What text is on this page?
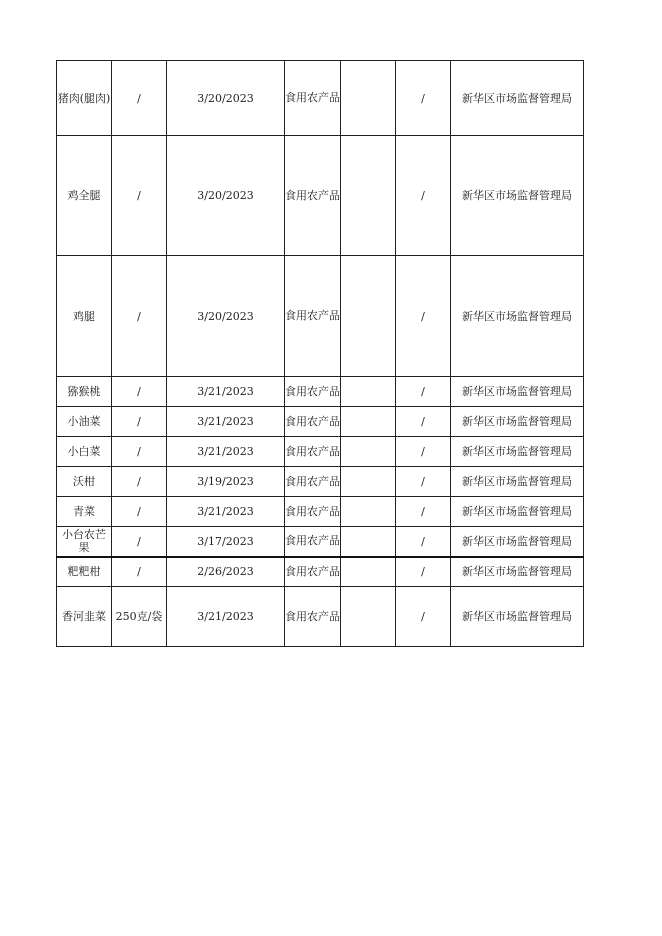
猪肉(腿肉)	/	3/20/2023	食用农产品		/	新华区市场监督管理局
鸡全腿	/	3/20/2023	食用农产品		/	新华区市场监督管理局
鸡腿	/	3/20/2023	食用农产品		/	新华区市场监督管理局
猕猴桃	/	3/21/2023	食用农产品		/	新华区市场监督管理局
小油菜	/	3/21/2023	食用农产品		/	新华区市场监督管理局
小白菜	/	3/21/2023	食用农产品		/	新华区市场监督管理局
沃柑	/	3/19/2023	食用农产品		/	新华区市场监督管理局
青菜	/	3/21/2023	食用农产品		/	新华区市场监督管理局
小台农芒果	/	3/17/2023	食用农产品		/	新华区市场监督管理局
粑粑柑	/	2/26/2023	食用农产品		/	新华区市场监督管理局
香河韭菜	250克/袋	3/21/2023	食用农产品		/	新华区市场监督管理局
